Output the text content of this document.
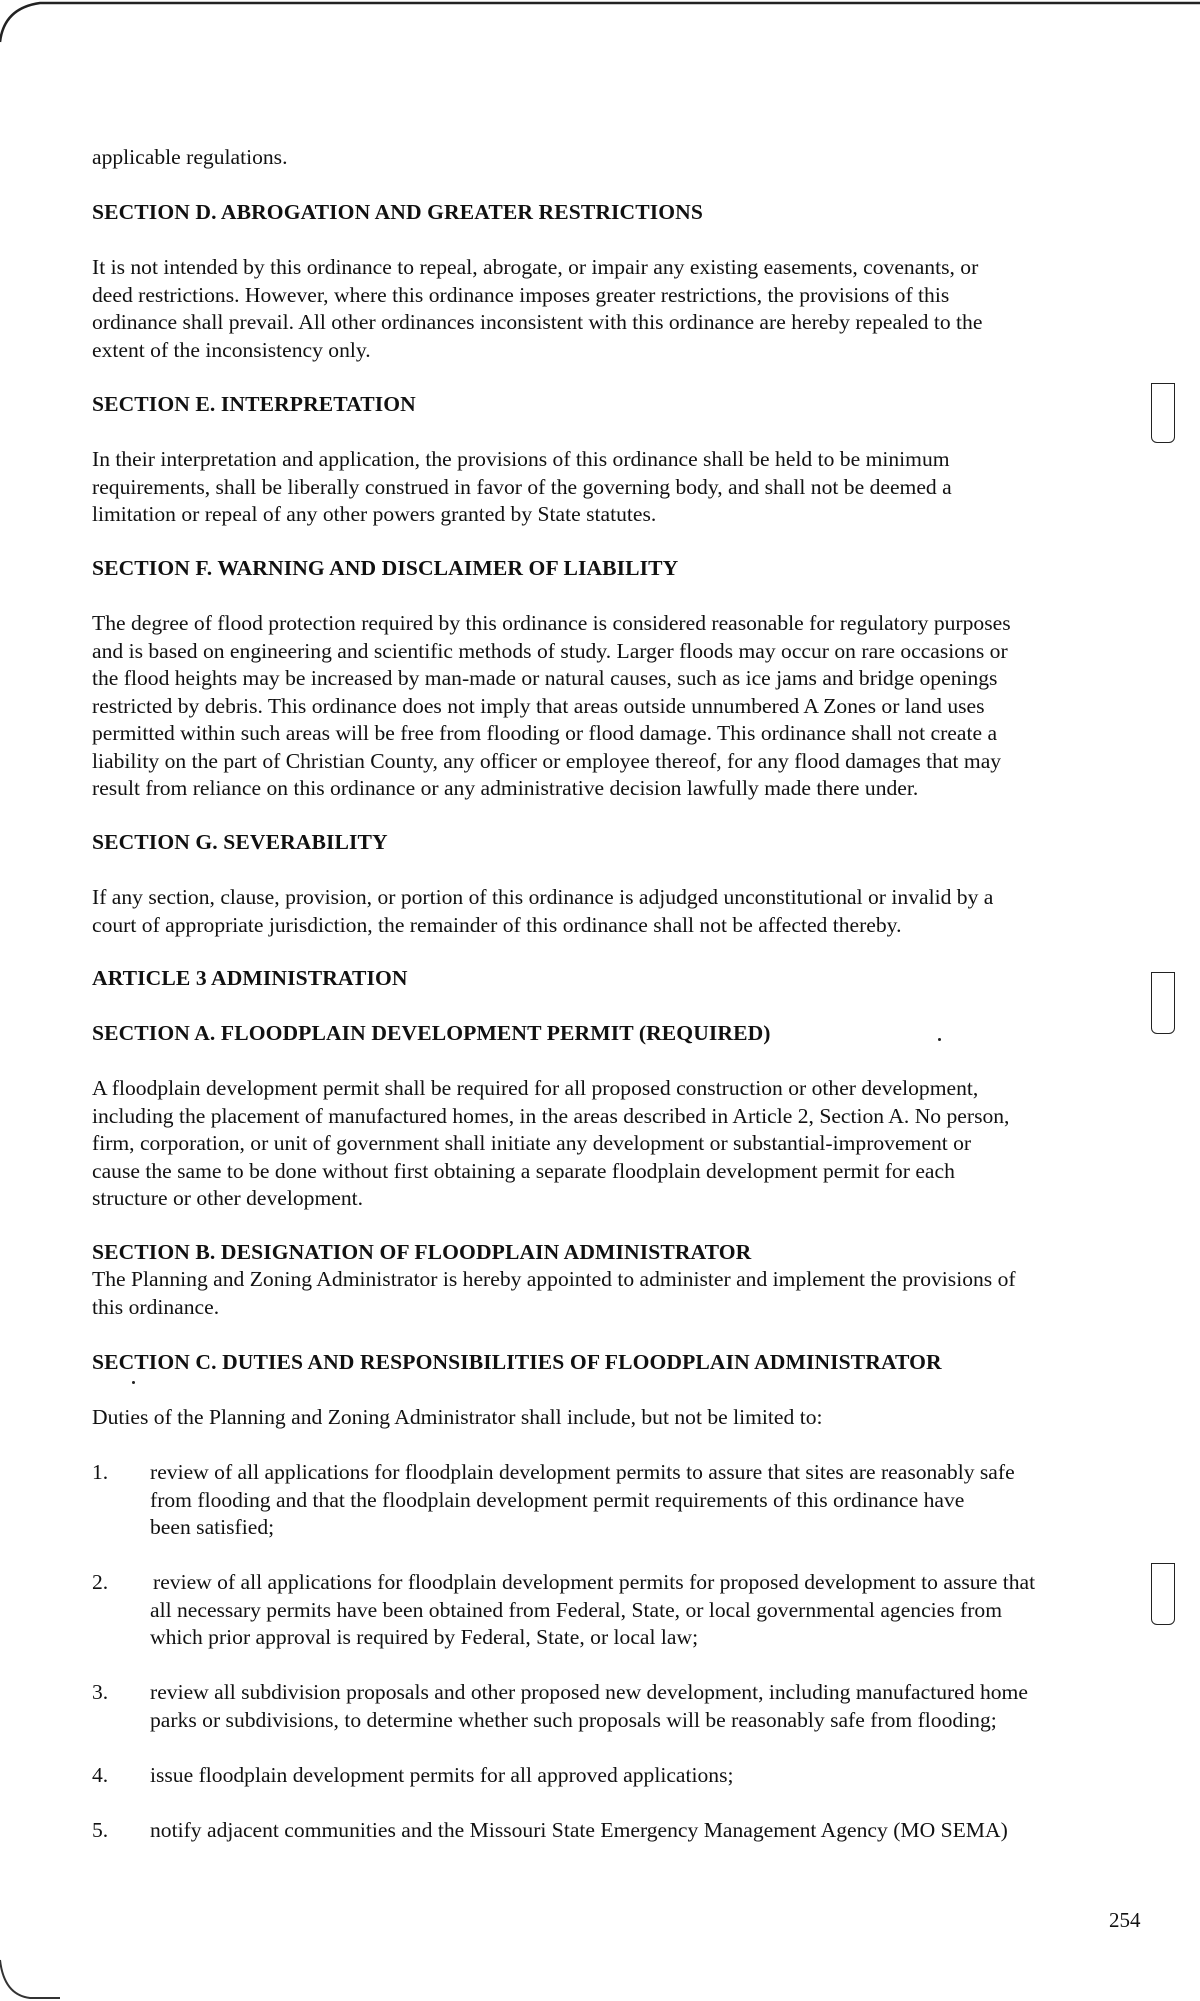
applicable regulations.
SECTION D. ABROGATION AND GREATER RESTRICTIONS
It is not intended by this ordinance to repeal, abrogate, or impair any existing easements, covenants, or
deed restrictions. However, where this ordinance imposes greater restrictions, the provisions of this
ordinance shall prevail. All other ordinances inconsistent with this ordinance are hereby repealed to the
extent of the inconsistency only.
SECTION E. INTERPRETATION
In their interpretation and application, the provisions of this ordinance shall be held to be minimum
requirements, shall be liberally construed in favor of the governing body, and shall not be deemed a
limitation or repeal of any other powers granted by State statutes.
SECTION F. WARNING AND DISCLAIMER OF LIABILITY
The degree of flood protection required by this ordinance is considered reasonable for regulatory purposes
and is based on engineering and scientific methods of study. Larger floods may occur on rare occasions or
the flood heights may be increased by man-made or natural causes, such as ice jams and bridge openings
restricted by debris. This ordinance does not imply that areas outside unnumbered A Zones or land uses
permitted within such areas will be free from flooding or flood damage. This ordinance shall not create a
liability on the part of Christian County, any officer or employee thereof, for any flood damages that may
result from reliance on this ordinance or any administrative decision lawfully made there under.
SECTION G. SEVERABILITY
If any section, clause, provision, or portion of this ordinance is adjudged unconstitutional or invalid by a
court of appropriate jurisdiction, the remainder of this ordinance shall not be affected thereby.
ARTICLE 3 ADMINISTRATION
SECTION A. FLOODPLAIN DEVELOPMENT PERMIT (REQUIRED)
A floodplain development permit shall be required for all proposed construction or other development,
including the placement of manufactured homes, in the areas described in Article 2, Section A. No person,
firm, corporation, or unit of government shall initiate any development or substantial-improvement or
cause the same to be done without first obtaining a separate floodplain development permit for each
structure or other development.
SECTION B. DESIGNATION OF FLOODPLAIN ADMINISTRATOR
The Planning and Zoning Administrator is hereby appointed to administer and implement the provisions of
this ordinance.
SECTION C. DUTIES AND RESPONSIBILITIES OF FLOODPLAIN ADMINISTRATOR
Duties of the Planning and Zoning Administrator shall include, but not be limited to:
1. review of all applications for floodplain development permits to assure that sites are reasonably safe
from flooding and that the floodplain development permit requirements of this ordinance have
been satisfied;
2. review of all applications for floodplain development permits for proposed development to assure that
all necessary permits have been obtained from Federal, State, or local governmental agencies from
which prior approval is required by Federal, State, or local law;
3. review all subdivision proposals and other proposed new development, including manufactured home
parks or subdivisions, to determine whether such proposals will be reasonably safe from flooding;
4. issue floodplain development permits for all approved applications;
5. notify adjacent communities and the Missouri State Emergency Management Agency (MO SEMA)
254
